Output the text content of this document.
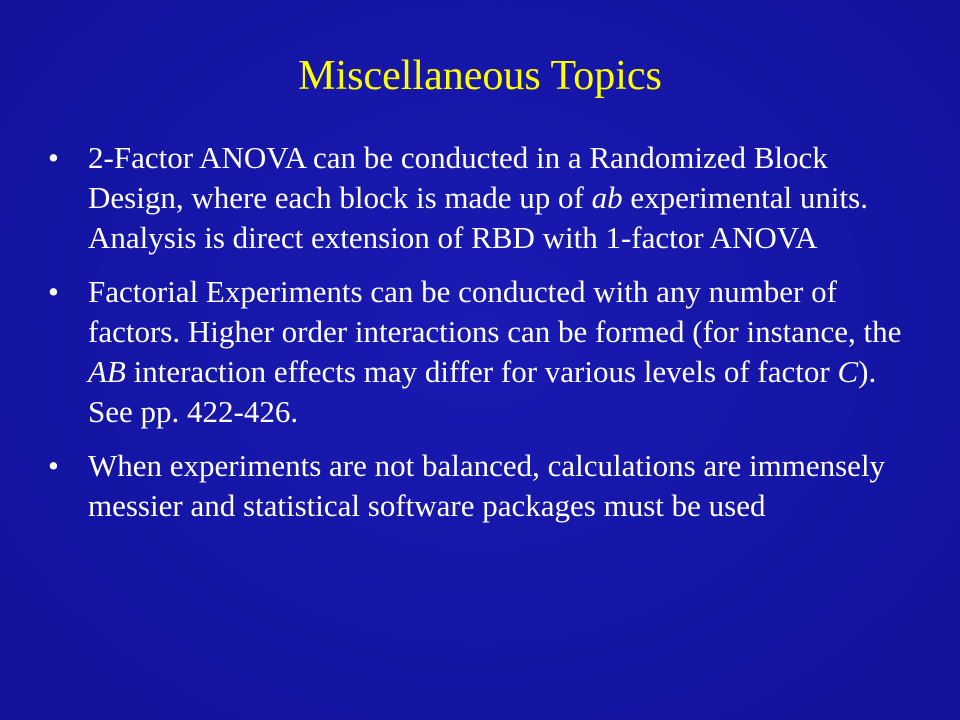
Miscellaneous Topics
• 2-Factor ANOVA can be conducted in a Randomized Block Design, where each block is made up of ab experimental units. Analysis is direct extension of RBD with 1-factor ANOVA
• Factorial Experiments can be conducted with any number of factors. Higher order interactions can be formed (for instance, the AB interaction effects may differ for various levels of factor C). See pp. 422-426.
• When experiments are not balanced, calculations are immensely messier and statistical software packages must be used
